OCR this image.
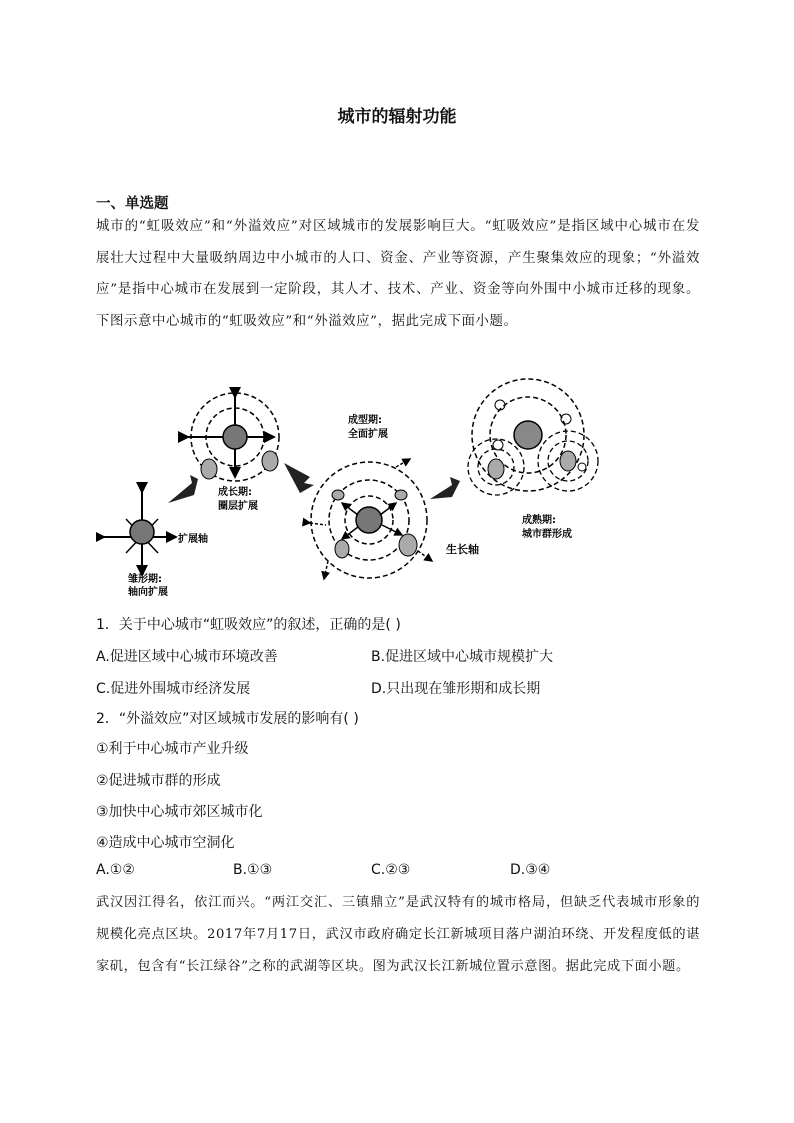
城市的辐射功能
一、单选题
城市的“虹吸效应”和“外溢效应”对区域城市的发展影响巨大。“虹吸效应”是指区域中心城市在发展壮大过程中大量吸纳周边中小城市的人口、资金、产业等资源，产生聚集效应的现象；“外溢效应”是指中心城市在发展到一定阶段，其人才、技术、产业、资金等向外围中小城市迁移的现象。下图示意中心城市的“虹吸效应”和“外溢效应”，据此完成下面小题。
扩展轴
雏形期:
轴向扩展
成长期:
圈层扩展
成型期:
全面扩展
生长轴
成熟期:
城市群形成
1．关于中心城市“虹吸效应”的叙述，正确的是( )
A.促进区域中心城市环境改善	B.促进区域中心城市规模扩大
C.促进外围城市经济发展	D.只出现在雏形期和成长期
2．“外溢效应”对区域城市发展的影响有( )
①利于中心城市产业升级
②促进城市群的形成
③加快中心城市郊区城市化
④造成中心城市空洞化
A.①②	B.①③	C.②③	D.③④
武汉因江得名，依江而兴。“两江交汇、三镇鼎立”是武汉特有的城市格局，但缺乏代表城市形象的规模化亮点区块。2017年7月17日，武汉市政府确定长江新城项目落户湖泊环绕、开发程度低的谌家矶，包含有“长江绿谷”之称的武湖等区块。图为武汉长江新城位置示意图。据此完成下面小题。
